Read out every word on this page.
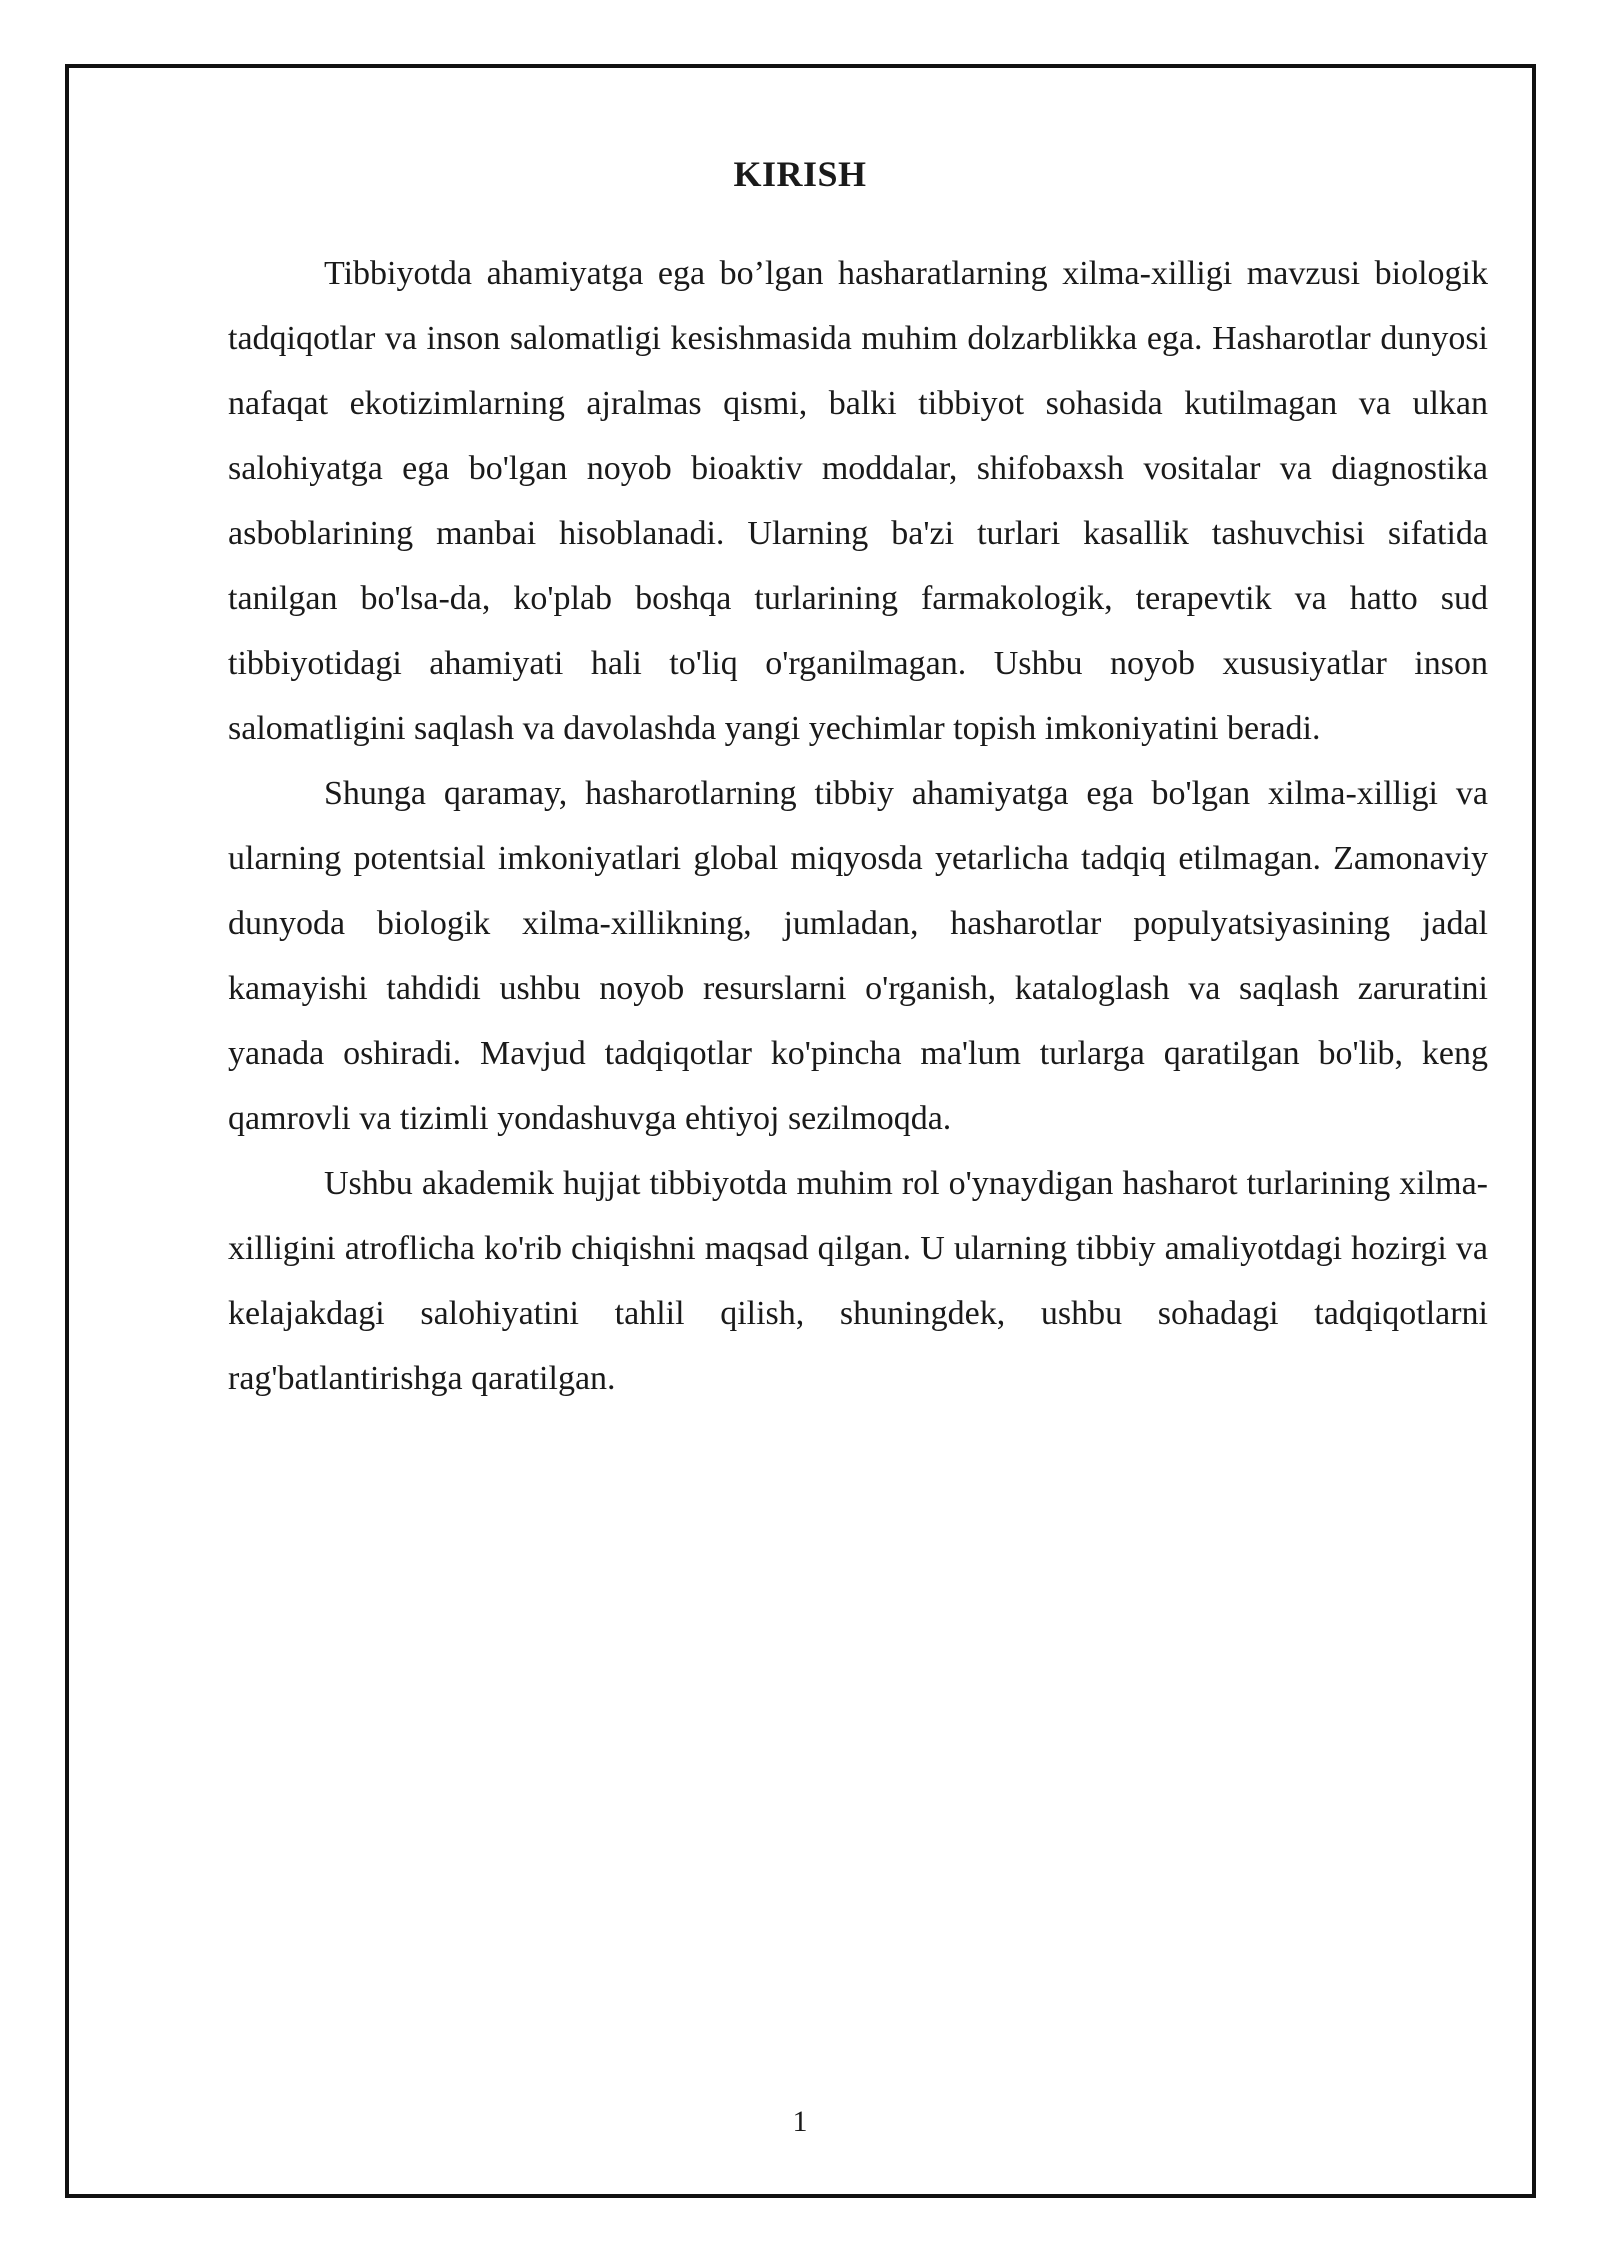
KIRISH

Tibbiyotda ahamiyatga ega bo’lgan hasharatlarning xilma-xilligi mavzusi biologik tadqiqotlar va inson salomatligi kesishmasida muhim dolzarblikka ega. Hasharotlar dunyosi nafaqat ekotizimlarning ajralmas qismi, balki tibbiyot sohasida kutilmagan va ulkan salohiyatga ega bo'lgan noyob bioaktiv moddalar, shifobaxsh vositalar va diagnostika asboblarining manbai hisoblanadi. Ularning ba'zi turlari kasallik tashuvchisi sifatida tanilgan bo'lsa-da, ko'plab boshqa turlarining farmakologik, terapevtik va hatto sud tibbiyotidagi ahamiyati hali to'liq o'rganilmagan. Ushbu noyob xususiyatlar inson salomatligini saqlash va davolashda yangi yechimlar topish imkoniyatini beradi.

Shunga qaramay, hasharotlarning tibbiy ahamiyatga ega bo'lgan xilma-xilligi va ularning potentsial imkoniyatlari global miqyosda yetarlicha tadqiq etilmagan. Zamonaviy dunyoda biologik xilma-xillikning, jumladan, hasharotlar populyatsiyasining jadal kamayishi tahdidi ushbu noyob resurslarni o'rganish, kataloglash va saqlash zaruratini yanada oshiradi. Mavjud tadqiqotlar ko'pincha ma'lum turlarga qaratilgan bo'lib, keng qamrovli va tizimli yondashuvga ehtiyoj sezilmoqda.

Ushbu akademik hujjat tibbiyotda muhim rol o'ynaydigan hasharot turlarining xilma-xilligini atroflicha ko'rib chiqishni maqsad qilgan. U ularning tibbiy amaliyotdagi hozirgi va kelajakdagi salohiyatini tahlil qilish, shuningdek, ushbu sohadagi tadqiqotlarni rag'batlantirishga qaratilgan.

1
